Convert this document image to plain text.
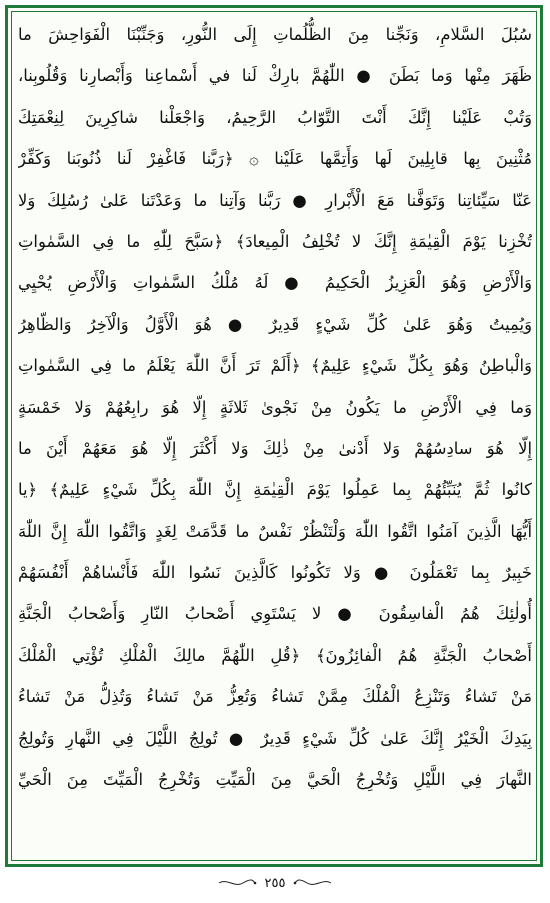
سُبُلَ السَّلامِ، وَنَجِّنا مِنَ الظُّلُماتِ إِلَى النُّورِ، وَجَنِّبْنَا الْفَوَاحِشَ ما
ظَهَرَ مِنْها وَما بَطَنَ ● اللّٰهُمَّ بارِكْ لَنا في أَسْماعِنا وَأَبْصارِنا وَقُلُوبِنا،
وَتُبْ عَلَيْنا إِنَّكَ أَنْتَ التَّوّابُ الرَّحِيمُ، وَاجْعَلْنا شاكِرِينَ لِنِعْمَتِكَ
مُثْنِينَ بِها قابِلِينَ لَها وَأَتِمَّها عَلَيْنا ۞ ﴿رَبَّنا فَاغْفِرْ لَنا ذُنُوبَنا وَكَفِّرْ
عَنّا سَيِّئاتِنا وَتَوَفَّنا مَعَ الْأَبْرارِ ● رَبَّنا وَآتِنا ما وَعَدْتَنا عَلىٰ رُسُلِكَ وَلا
تُخْزِنا يَوْمَ الْقِيٰمَةِ إِنَّكَ لا تُخْلِفُ الْمِيعادَ﴾ ﴿سَبَّحَ لِلّٰهِ ما فِي السَّمٰواتِ
وَالْأَرْضِ وَهُوَ الْعَزِيزُ الْحَكِيمُ ● لَهُ مُلْكُ السَّمٰواتِ وَالْأَرْضِ يُحْيِي
وَيُمِيتُ وَهُوَ عَلىٰ كُلِّ شَيْءٍ قَدِيرٌ ● هُوَ الْأَوَّلُ وَالْآخِرُ وَالظّاهِرُ
وَالْباطِنُ وَهُوَ بِكُلِّ شَيْءٍ عَلِيمٌ﴾ ﴿أَلَمْ تَرَ أَنَّ اللّٰهَ يَعْلَمُ ما فِي السَّمٰواتِ
وَما فِي الْأَرْضِ ما يَكُونُ مِنْ نَجْوىٰ ثَلاثَةٍ إِلّا هُوَ رابِعُهُمْ وَلا خَمْسَةٍ
إِلّا هُوَ سادِسُهُمْ وَلا أَدْنىٰ مِنْ ذٰلِكَ وَلا أَكْثَرَ إِلّا هُوَ مَعَهُمْ أَيْنَ ما
كانُوا ثُمَّ يُنَبِّئُهُمْ بِما عَمِلُوا يَوْمَ الْقِيٰمَةِ إِنَّ اللّٰهَ بِكُلِّ شَيْءٍ عَلِيمٌ﴾ ﴿يا
أَيُّهَا الَّذِينَ آمَنُوا اتَّقُوا اللّٰهَ وَلْتَنْظُرْ نَفْسٌ ما قَدَّمَتْ لِغَدٍ وَاتَّقُوا اللّٰهَ إِنَّ اللّٰهَ
خَبِيرٌ بِما تَعْمَلُونَ ● وَلا تَكُونُوا كَالَّذِينَ نَسُوا اللّٰهَ فَأَنْسٰاهُمْ أَنْفُسَهُمْ
أُولٰئِكَ هُمُ الْفاسِقُونَ ● لا يَسْتَوِي أَصْحابُ النّارِ وَأَصْحابُ الْجَنَّةِ
أَصْحابُ الْجَنَّةِ هُمُ الْفائِزُونَ﴾ ﴿قُلِ اللّٰهُمَّ مالِكَ الْمُلْكِ تُؤْتِي الْمُلْكَ
مَنْ تَشاءُ وَتَنْزِعُ الْمُلْكَ مِمَّنْ تَشاءُ وَتُعِزُّ مَنْ تَشاءُ وَتُذِلُّ مَنْ تَشاءُ
بِيَدِكَ الْخَيْرُ إِنَّكَ عَلىٰ كُلِّ شَيْءٍ قَدِيرٌ ● تُولِجُ اللَّيْلَ فِي النَّهارِ وَتُولِجُ
النَّهارَ فِي اللَّيْلِ وَتُخْرِجُ الْحَيَّ مِنَ الْمَيِّتِ وَتُخْرِجُ الْمَيِّتَ مِنَ الْحَيِّ
٢٥٥
